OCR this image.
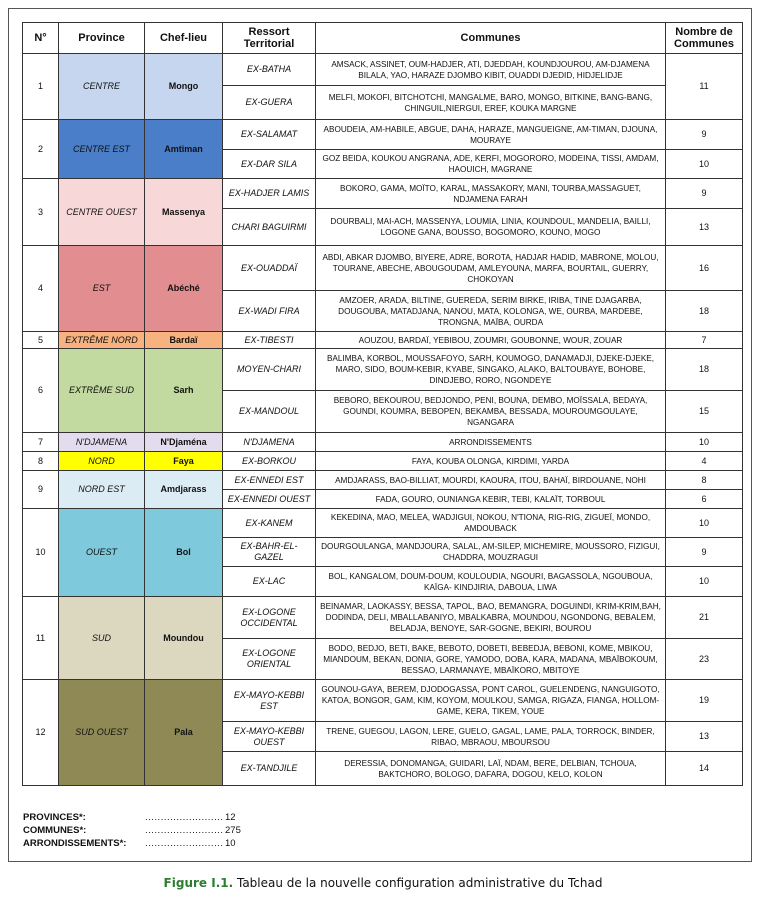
N°	Province	Chef-lieu	Ressort Territorial	Communes	Nombre de Communes
1	CENTRE	Mongo	EX-BATHA	AMSACK, ASSINET, OUM-HADJER, ATI, DJEDDAH, KOUNDJOUROU, AM-DJAMENA BILALA, YAO, HARAZE DJOMBO KIBIT, OUADDI DJEDID, HIDJELIDJE	11
			EX-GUERA	MELFI, MOKOFI, BITCHOTCHI, MANGALME, BARO, MONGO, BITKINE, BANG-BANG, CHINGUIL,NIERGUI, EREF, KOUKA MARGNE	
2	CENTRE EST	Amtiman	EX-SALAMAT	ABOUDEIA, AM-HABILE, ABGUE, DAHA, HARAZE, MANGUEIGNE, AM-TIMAN, DJOUNA, MOURAYE	9
			EX-DAR SILA	GOZ BEIDA, KOUKOU ANGRANA, ADE, KERFI, MOGORORO, MODEINA, TISSI, AMDAM, HAOUICH, MAGRANE	10
3	CENTRE OUEST	Massenya	EX-HADJER LAMIS	BOKORO, GAMA, MOÏTO, KARAL, MASSAKORY, MANI, TOURBA,MASSAGUET, NDJAMENA FARAH	9
			CHARI BAGUIRMI	DOURBALI, MAI-ACH, MASSENYA, LOUMIA, LINIA, KOUNDOUL, MANDELIA, BAILLI, LOGONE GANA, BOUSSO, BOGOMORO, KOUNO, MOGO	13
4	EST	Abéché	EX-OUADDAÏ	ABDI, ABKAR DJOMBO, BIYERE, ADRE, BOROTA, HADJAR HADID, MABRONE, MOLOU, TOURANE, ABECHE, ABOUGOUDAM, AMLEYOUNA, MARFA, BOURTAIL, GUERRY, CHOKOYAN	16
			EX-WADI FIRA	AMZOER, ARADA, BILTINE, GUEREDA, SERIM BIRKE, IRIBA, TINE DJAGARBA, DOUGOUBA, MATADJANA, NANOU, MATA, KOLONGA, WE, OURBA, MARDEBE, TRONGNA, MAÏBA, OURDA	18
5	EXTRÊME NORD	Bardaï	EX-TIBESTI	AOUZOU, BARDAÏ, YEBIBOU, ZOUMRI, GOUBONNE, WOUR, ZOUAR	7
6	EXTRÊME SUD	Sarh	MOYEN-CHARI	BALIMBA, KORBOL, MOUSSAFOYO, SARH, KOUMOGO, DANAMADJI, DJEKE-DJEKE, MARO, SIDO, BOUM-KEBIR, KYABE, SINGAKO, ALAKO, BALTOUBAYE, BOHOBE, DINDJEBO, RORO, NGONDEYE	18
			EX-MANDOUL	BEBORO, BEKOUROU, BEDJONDO, PENI, BOUNA, DEMBO, MOÏSSALA, BEDAYA, GOUNDI, KOUMRA, BEBOPEN, BEKAMBA, BESSADA, MOUROUMGOULAYE, NGANGARA	15
7	N'DJAMENA	N'Djaména	N'DJAMENA	ARRONDISSEMENTS	10
8	NORD	Faya	EX-BORKOU	FAYA, KOUBA OLONGA, KIRDIMI, YARDA	4
9	NORD EST	Amdjarass	EX-ENNEDI EST	AMDJARASS, BAO-BILLIAT, MOURDI, KAOURA, ITOU, BAHAÏ, BIRDOUANE, NOHI	8
			EX-ENNEDI OUEST	FADA, GOURO, OUNIANGA KEBIR, TEBI, KALAÏT, TORBOUL	6
10	OUEST	Bol	EX-KANEM	KEKEDINA, MAO, MELEA, WADJIGUI, NOKOU, N'TIONA, RIG-RIG, ZIGUEÏ, MONDO, AMDOUBACK	10
			EX-BAHR-EL-GAZEL	DOURGOULANGA, MANDJOURA, SALAL, AM-SILEP, MICHEMIRE, MOUSSORO, FIZIGUI, CHADDRA, MOUZRAGUI	9
			EX-LAC	BOL, KANGALOM, DOUM-DOUM, KOULOUDIA, NGOURI, BAGASSOLA, NGOUBOUA, KAÏGA- KINDJIRIA, DABOUA, LIWA	10
11	SUD	Moundou	EX-LOGONE OCCIDENTAL	BEINAMAR, LAOKASSY, BESSA, TAPOL, BAO, BEMANGRA, DOGUINDI, KRIM-KRIM,BAH, DODINDA, DELI, MBALLABANIYO, MBALKABRA, MOUNDOU, NGONDONG, BEBALEM, BELADJA, BENOYE, SAR-GOGNE, BEKIRI, BOUROU	21
			EX-LOGONE ORIENTAL	BODO, BEDJO, BETI, BAKE, BEBOTO, DOBETI, BEBEDJA, BEBONI, KOME, MBIKOU, MIANDOUM, BEKAN, DONIA, GORE, YAMODO, DOBA, KARA, MADANA, MBAÏBOKOUM, BESSAO, LARMANAYE, MBAÏKORO, MBITOYE	23
12	SUD OUEST	Pala	EX-MAYO-KEBBI EST	GOUNOU-GAYA, BEREM, DJODOGASSA, PONT CAROL, GUELENDENG, NANGUIGOTO, KATOA, BONGOR, GAM, KIM, KOYOM, MOULKOU, SAMGA, RIGAZA, FIANGA, HOLLOM-GAME, KERA, TIKEM, YOUE	19
			EX-MAYO-KEBBI OUEST	TRENE, GUEGOU, LAGON, LERE, GUELO, GAGAL, LAME, PALA, TORROCK, BINDER, RIBAO, MBRAOU, MBOURSOU	13
			EX-TANDJILE	DERESSIA, DONOMANGA, GUIDARI, LAÏ, NDAM, BERE, DELBIAN, TCHOUA, BAKTCHORO, BOLOGO, DAFARA, DOGOU, KELO, KOLON	14
PROVINCES*:	......................... 12
COMMUNES*:	......................... 275
ARRONDISSEMENTS*: ......................... 10
Figure I.1. Tableau de la nouvelle configuration administrative du Tchad
